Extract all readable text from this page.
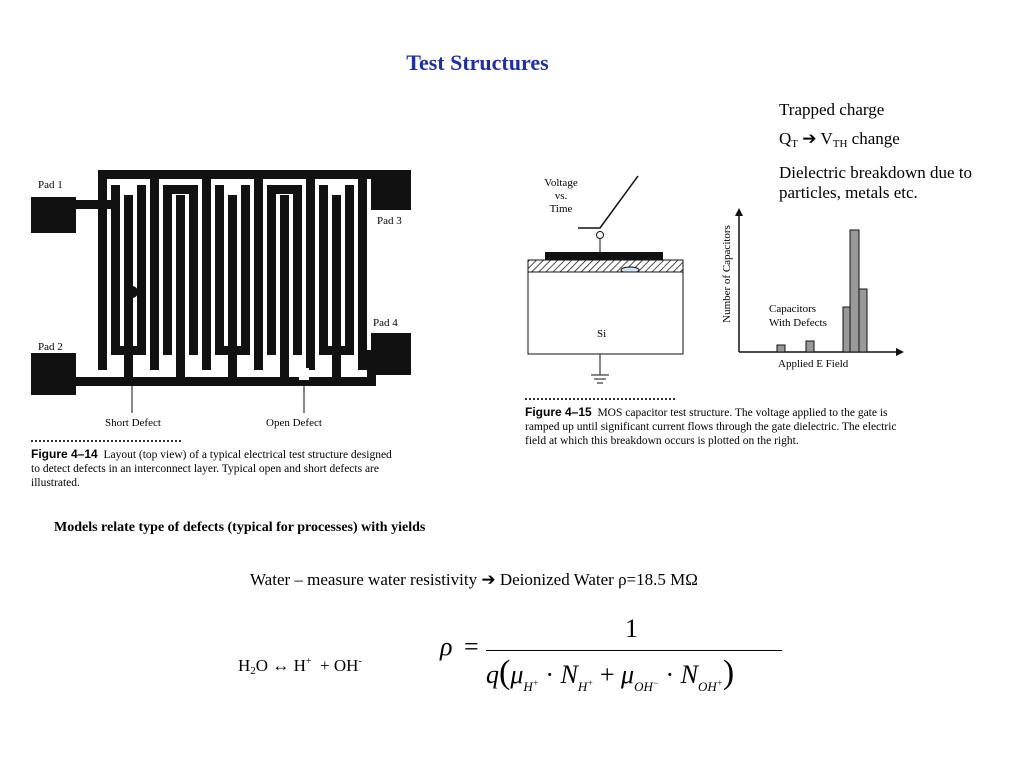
Test Structures

Trapped charge

$Q_T$ ➔ $V_{TH}$ change

Dielectric breakdown due to particles, metals etc.

Pad 1
Pad 2
Pad 3
Pad 4
Short Defect	Open Defect
Figure 4–14 Layout (top view) of a typical electrical test structure designed to detect defects in an interconnect layer. Typical open and short defects are illustrated.
Voltage
vs.
Time
Si
Number of Capacitors	Capacitors
With Defects
Applied E Field
Figure 4–15 MOS capacitor test structure. The voltage applied to the gate is ramped up until significant current flows through the gate dielectric. The electric field at which this breakdown occurs is plotted on the right.
Models relate type of defects (typical for processes) with yields
Water – measure water resistivity ➔ Deionized Water ρ=18.5 MΩ
$H_2O$ ↔ H+ + OH-
ρ =
1
$q(\mu_{H^+} \cdot N_{H^+} + \mu_{OH^-} \cdot N_{OH^+})$
